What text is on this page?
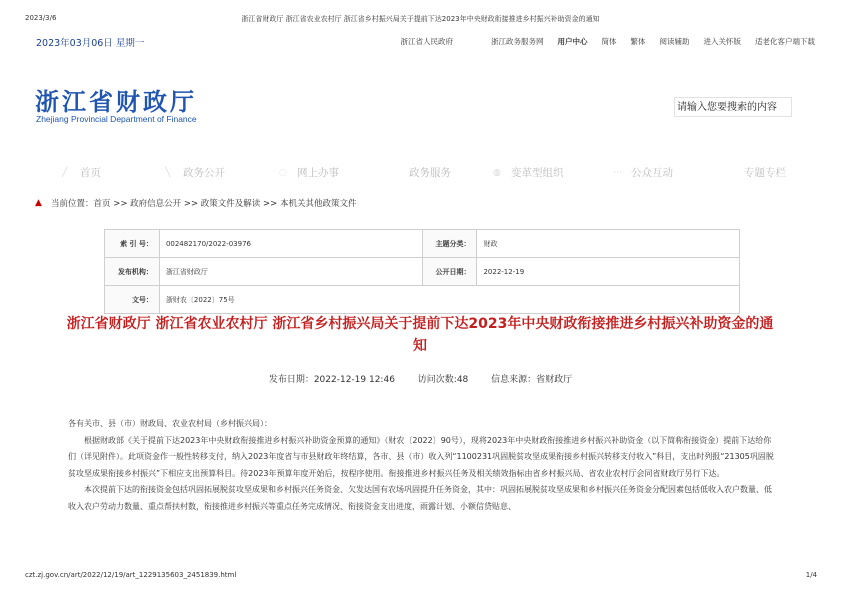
2023/3/6	浙江省财政厅 浙江省农业农村厅 浙江省乡村振兴局关于提前下达2023年中央财政衔接推进乡村振兴补助资金的通知
2023年03月06日 星期一	浙江省人民政府	浙江政务服务网 用户中心 简体 繁体 阅读辅助 进入关怀版 适老化客户端下载
浙江省财政厅
Zhejiang Provincial Department of Finance
请输入您要搜索的内容
╱	首页	╲	政务公开	◌ 网上办事	政务服务	◍ 变革型组织	⋯ 公众互动	专题专栏
▲	当前位置：首页 >> 政府信息公开 >> 政策文件及解读 >> 本机关其他政策文件
索 引 号：	002482170/2022-03976	主题分类：	财政
发布机构：	浙江省财政厅	公开日期：	2022-12-19
文号：	浙财农〔2022〕75号		
浙江省财政厅 浙江省农业农村厅 浙江省乡村振兴局关于提前下达2023年中央财政衔接推进乡村振兴补助资金的通知
发布日期：2022-12-19 12:46	访问次数:48	信息来源：省财政厅

各有关市、县（市）财政局、农业农村局（乡村振兴局）：

根据财政部《关于提前下达2023年中央财政衔接推进乡村振兴补助资金预算的通知》（财农〔2022〕90号），现将2023年中央财政衔接推进乡村振兴补助资金（以下简称衔接资金）提前下达给你们（详见附件）。此项资金作一般性转移支付，纳入2023年度省与市县财政年终结算，各市、县（市）收入列“1100231巩固脱贫攻坚成果衔接乡村振兴转移支付收入”科目，支出时列报“21305巩固脱贫攻坚成果衔接乡村振兴”下相应支出预算科目。待2023年预算年度开始后，按程序使用。衔接推进乡村振兴任务及相关绩效指标由省乡村振兴局、省农业农村厅会同省财政厅另行下达。

本次提前下达的衔接资金包括巩固拓展脱贫攻坚成果和乡村振兴任务资金、欠发达国有农场巩固提升任务资金，其中：巩固拓展脱贫攻坚成果和乡村振兴任务资金分配因素包括低收入农户数量、低收入农户劳动力数量、重点帮扶村数，衔接推进乡村振兴等重点任务完成情况、衔接资金支出进度，雨露计划、小额信贷贴息、

czt.zj.gov.cn/art/2022/12/19/art_1229135603_2451839.html	1/4
